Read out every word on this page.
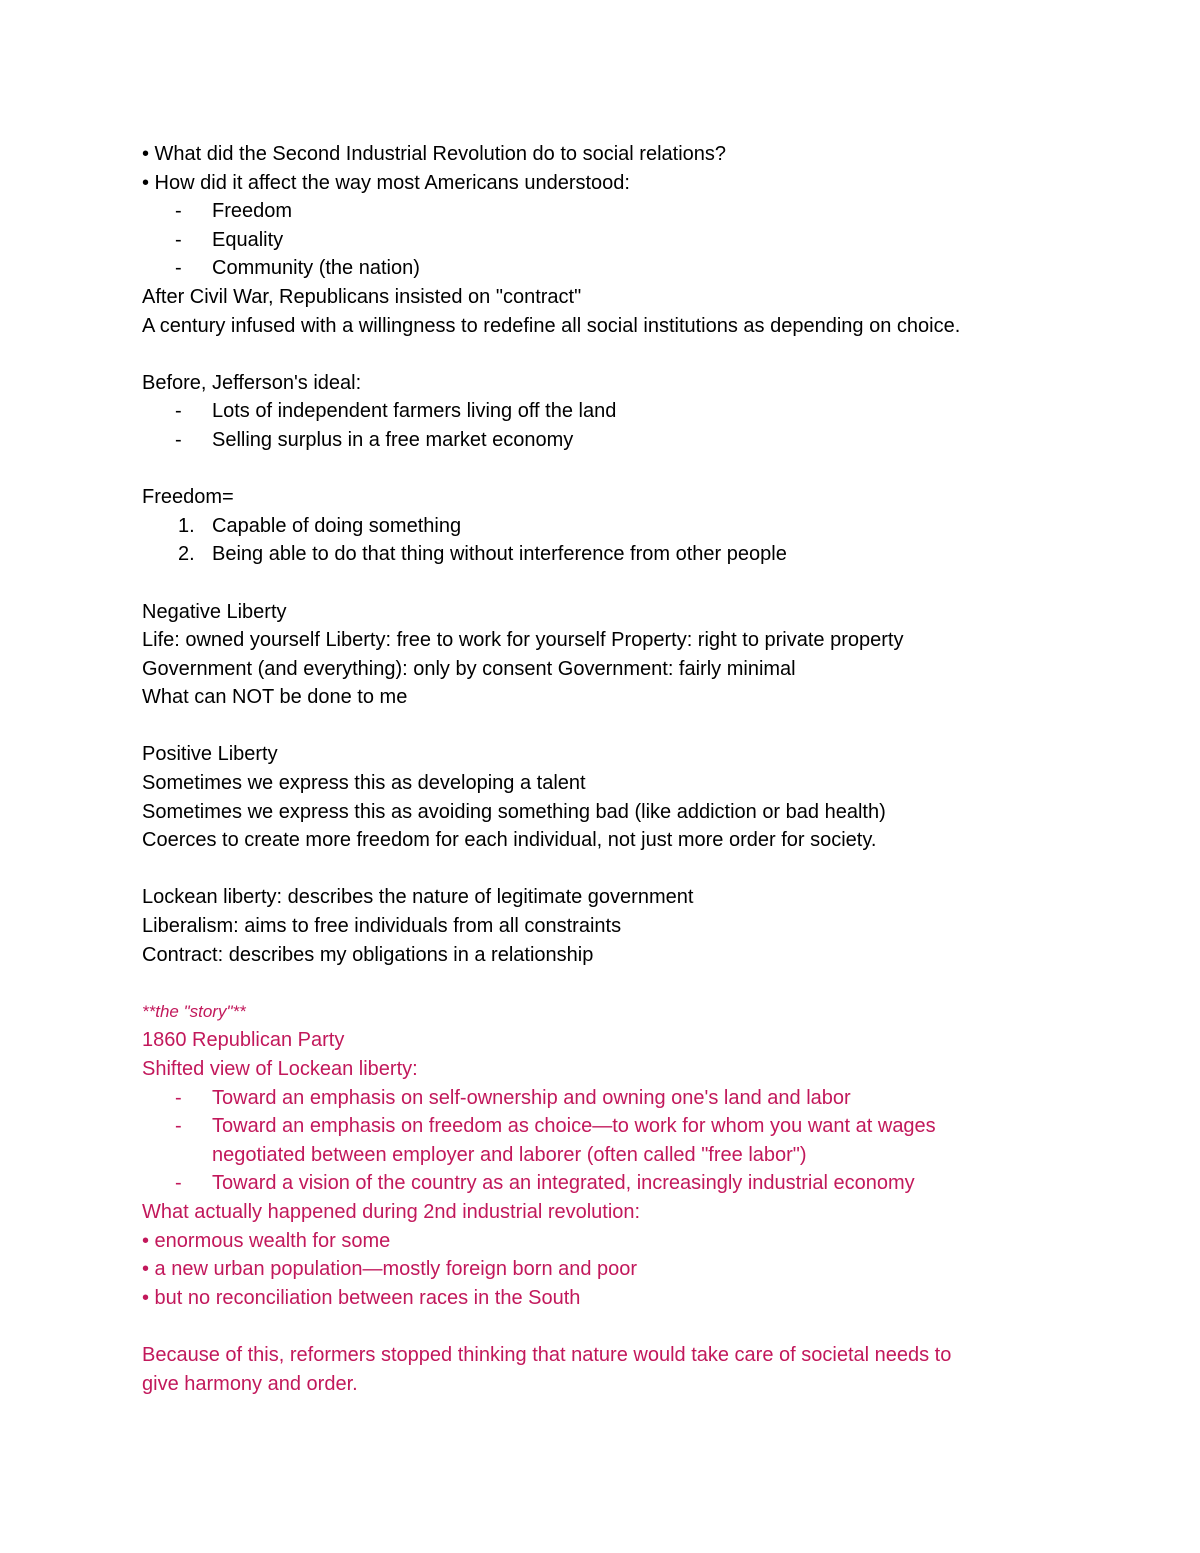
• What did the Second Industrial Revolution do to social relations?
• How did it affect the way most Americans understood:
- Freedom
- Equality
- Community (the nation)
After Civil War, Republicans insisted on "contract"
A century infused with a willingness to redefine all social institutions as depending on choice.
Before, Jefferson's ideal:
- Lots of independent farmers living off the land
- Selling surplus in a free market economy
Freedom=
1. Capable of doing something
2. Being able to do that thing without interference from other people
Negative Liberty
Life: owned yourself Liberty: free to work for yourself Property: right to private property
Government (and everything): only by consent Government: fairly minimal
What can NOT be done to me
Positive Liberty
Sometimes we express this as developing a talent
Sometimes we express this as avoiding something bad (like addiction or bad health)
Coerces to create more freedom for each individual, not just more order for society.
Lockean liberty: describes the nature of legitimate government
Liberalism: aims to free individuals from all constraints
Contract: describes my obligations in a relationship
**the "story"**
1860 Republican Party
Shifted view of Lockean liberty:
- Toward an emphasis on self-ownership and owning one's land and labor
- Toward an emphasis on freedom as choice—to work for whom you want at wages
negotiated between employer and laborer (often called "free labor")
- Toward a vision of the country as an integrated, increasingly industrial economy
What actually happened during 2nd industrial revolution:
• enormous wealth for some
• a new urban population—mostly foreign born and poor
• but no reconciliation between races in the South
Because of this, reformers stopped thinking that nature would take care of societal needs to
give harmony and order.
